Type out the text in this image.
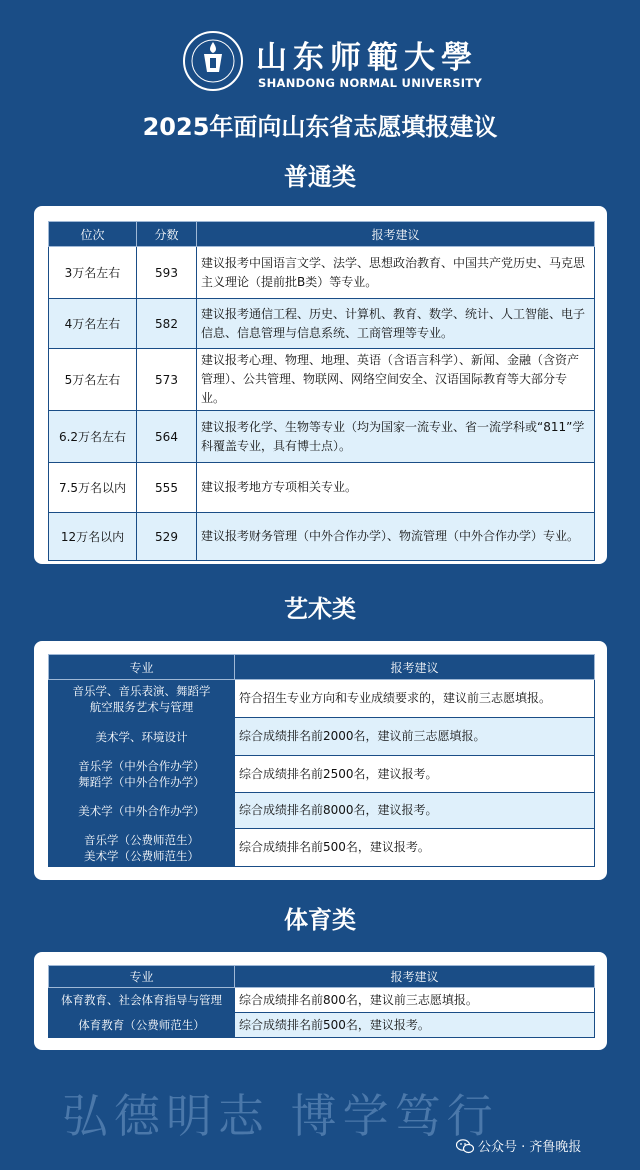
山东师範大學
SHANDONG NORMAL UNIVERSITY
2025年面向山东省志愿填报建议
普通类
位次	分数	报考建议
3万名左右	593	建议报考中国语言文学、法学、思想政治教育、中国共产党历史、马克思主义理论（提前批B类）等专业。
4万名左右	582	建议报考通信工程、历史、计算机、教育、数学、统计、人工智能、电子信息、信息管理与信息系统、工商管理等专业。
5万名左右	573	建议报考心理、物理、地理、英语（含语言科学）、新闻、金融（含资产管理）、公共管理、物联网、网络空间安全、汉语国际教育等大部分专业。
6.2万名左右	564	建议报考化学、生物等专业（均为国家一流专业、省一流学科或“811”学科覆盖专业，具有博士点）。
7.5万名以内	555	建议报考地方专项相关专业。
12万名以内	529	建议报考财务管理（中外合作办学）、物流管理（中外合作办学）专业。
艺术类
专业	报考建议
音乐学、音乐表演、舞蹈学
航空服务艺术与管理	符合招生专业方向和专业成绩要求的，建议前三志愿填报。
美术学、环境设计	综合成绩排名前2000名，建议前三志愿填报。
音乐学（中外合作办学）
舞蹈学（中外合作办学）	综合成绩排名前2500名，建议报考。
美术学（中外合作办学）	综合成绩排名前8000名，建议报考。
音乐学（公费师范生）
美术学（公费师范生）	综合成绩排名前500名，建议报考。
体育类
专业	报考建议
体育教育、社会体育指导与管理	综合成绩排名前800名，建议前三志愿填报。
体育教育（公费师范生）	综合成绩排名前500名，建议报考。
弘德明志 博学笃行
公众号 · 齐鲁晚报
